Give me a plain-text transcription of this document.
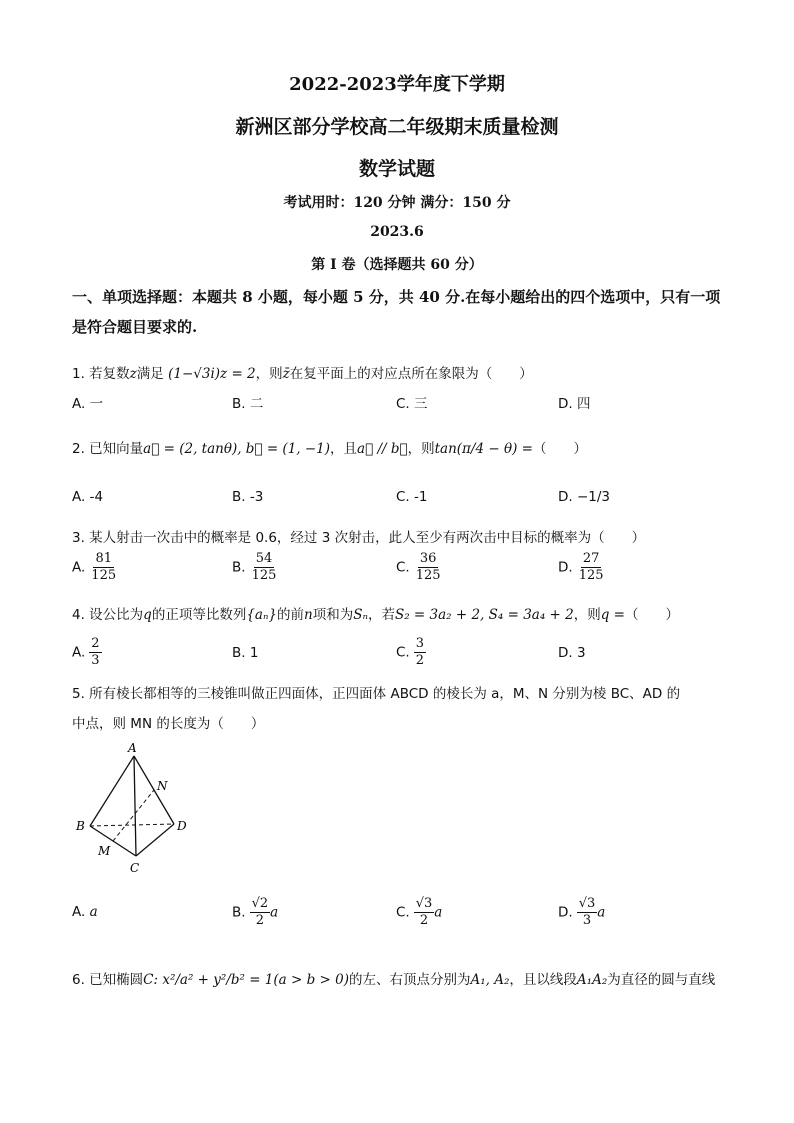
2022-2023学年度下学期
新洲区部分学校高二年级期末质量检测
数学试题
考试用时：120 分钟 满分：150 分
2023.6
第 I 卷（选择题共 60 分）
一、单项选择题：本题共 8 小题，每小题 5 分，共 40 分.在每小题给出的四个选项中，只有一项是符合题目要求的.
1. 若复数z满足 (1−√3i)z = 2，则z̄在复平面上的对应点所在象限为（　　）
A. 一	B. 二	C. 三	D. 四
2. 已知向量a⃗ = (2, tanθ), b⃗ = (1, −1)，且a⃗ // b⃗，则tan(π/4 − θ) =（　　）
A. -4	B. -3	C. -1	D. −1/3
3. 某人射击一次击中的概率是 0.6，经过 3 次射击，此人至少有两次击中目标的概率为（　　）
A. $\frac{81}{125}$	B. $\frac{54}{125}$	C. $\frac{36}{125}$	D. $\frac{27}{125}$
4. 设公比为q的正项等比数列{aₙ}的前n项和为Sₙ，若S₂ = 3a₂ + 2, S₄ = 3a₄ + 2，则q =（　　）
A. $\frac{2}{3}$	B. 1	C. $\frac{3}{2}$	D. 3
5. 所有棱长都相等的三棱锥叫做正四面体，正四面体 ABCD 的棱长为 a，M、N 分别为棱 BC、AD 的
中点，则 MN 的长度为（　　）
A
B
C
D
M
N
A. a	B. $\frac{√2}{2}$ a	C. $\frac{√3}{2}$ a	D. $\frac{√3}{3}$ a
6. 已知椭圆C: x²/a² + y²/b² = 1(a > b > 0)的左、右顶点分别为A₁, A₂，且以线段A₁A₂为直径的圆与直线
